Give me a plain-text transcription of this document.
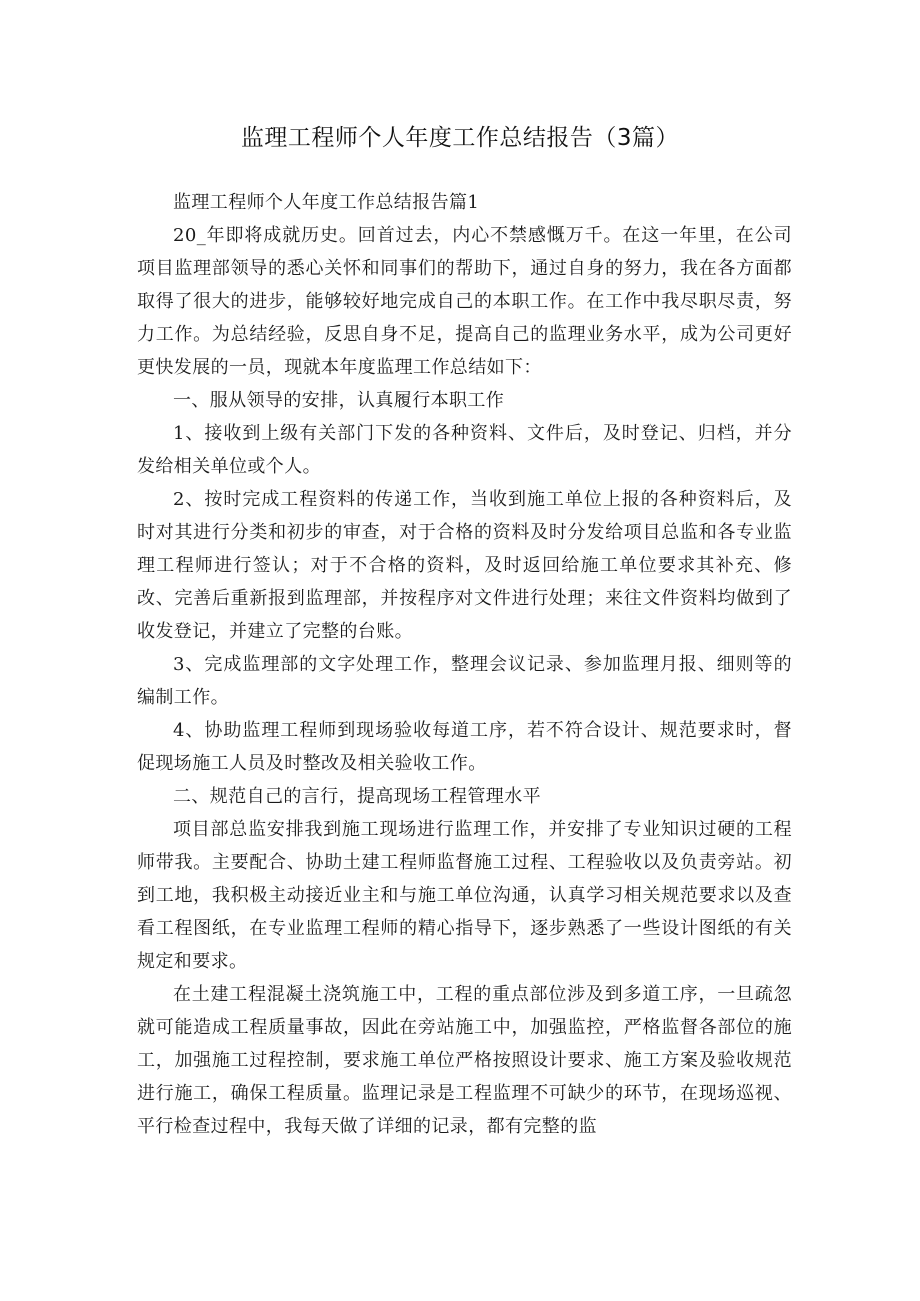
监理工程师个人年度工作总结报告（3篇）

监理工程师个人年度工作总结报告篇1

20_年即将成就历史。回首过去，内心不禁感慨万千。在这一年里，在公司项目监理部领导的悉心关怀和同事们的帮助下，通过自身的努力，我在各方面都取得了很大的进步，能够较好地完成自己的本职工作。在工作中我尽职尽责，努力工作。为总结经验，反思自身不足，提高自己的监理业务水平，成为公司更好更快发展的一员，现就本年度监理工作总结如下：

一、服从领导的安排，认真履行本职工作

1、接收到上级有关部门下发的各种资料、文件后，及时登记、归档，并分发给相关单位或个人。

2、按时完成工程资料的传递工作，当收到施工单位上报的各种资料后，及时对其进行分类和初步的审查，对于合格的资料及时分发给项目总监和各专业监理工程师进行签认；对于不合格的资料，及时返回给施工单位要求其补充、修改、完善后重新报到监理部，并按程序对文件进行处理；来往文件资料均做到了收发登记，并建立了完整的台账。

3、完成监理部的文字处理工作，整理会议记录、参加监理月报、细则等的编制工作。

4、协助监理工程师到现场验收每道工序，若不符合设计、规范要求时，督促现场施工人员及时整改及相关验收工作。

二、规范自己的言行，提高现场工程管理水平

项目部总监安排我到施工现场进行监理工作，并安排了专业知识过硬的工程师带我。主要配合、协助土建工程师监督施工过程、工程验收以及负责旁站。初到工地，我积极主动接近业主和与施工单位沟通，认真学习相关规范要求以及查看工程图纸，在专业监理工程师的精心指导下，逐步熟悉了一些设计图纸的有关规定和要求。

在土建工程混凝土浇筑施工中，工程的重点部位涉及到多道工序，一旦疏忽就可能造成工程质量事故，因此在旁站施工中，加强监控，严格监督各部位的施工，加强施工过程控制，要求施工单位严格按照设计要求、施工方案及验收规范进行施工，确保工程质量。监理记录是工程监理不可缺少的环节，在现场巡视、平行检查过程中，我每天做了详细的记录，都有完整的监
